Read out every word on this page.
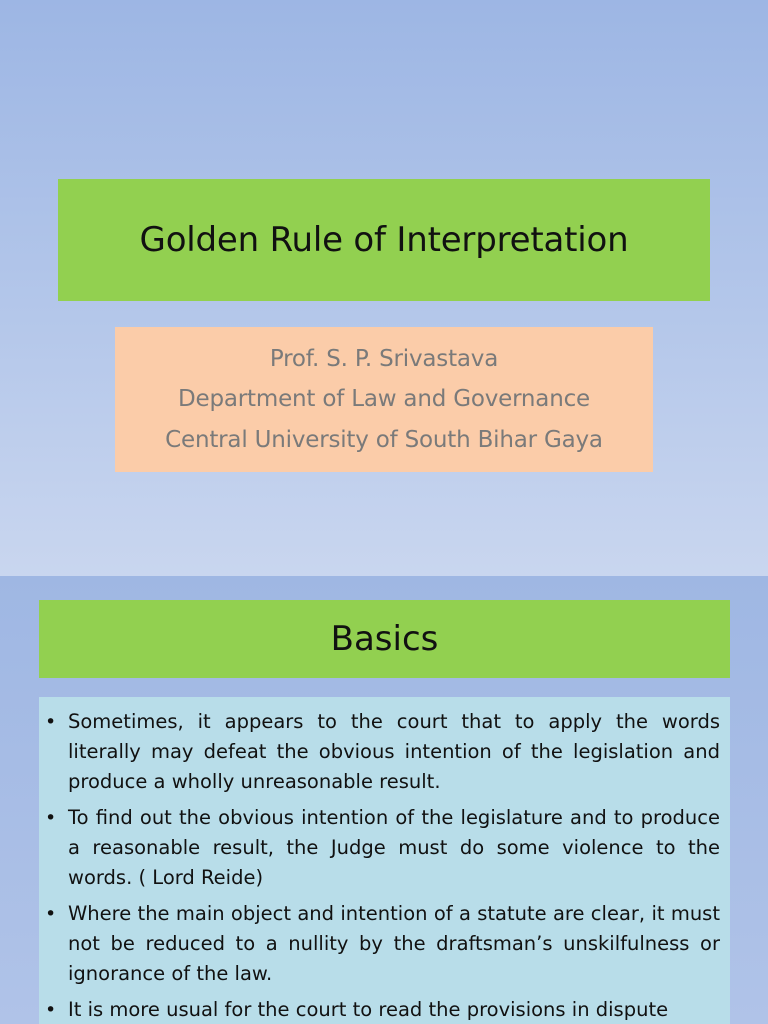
Golden Rule of Interpretation
Prof. S. P. Srivastava
Department of Law and Governance
Central University of South Bihar Gaya
Basics
• Sometimes, it appears to the court that to apply the words literally may defeat the obvious intention of the legislation and produce a wholly unreasonable result.
• To find out the obvious intention of the legislature and to produce a reasonable result, the Judge must do some violence to the words. ( Lord Reide)
• Where the main object and intention of a statute are clear, it must not be reduced to a nullity by the draftsman’s unskilfulness or ignorance of the law.
• It is more usual for the court to read the provisions in dispute
